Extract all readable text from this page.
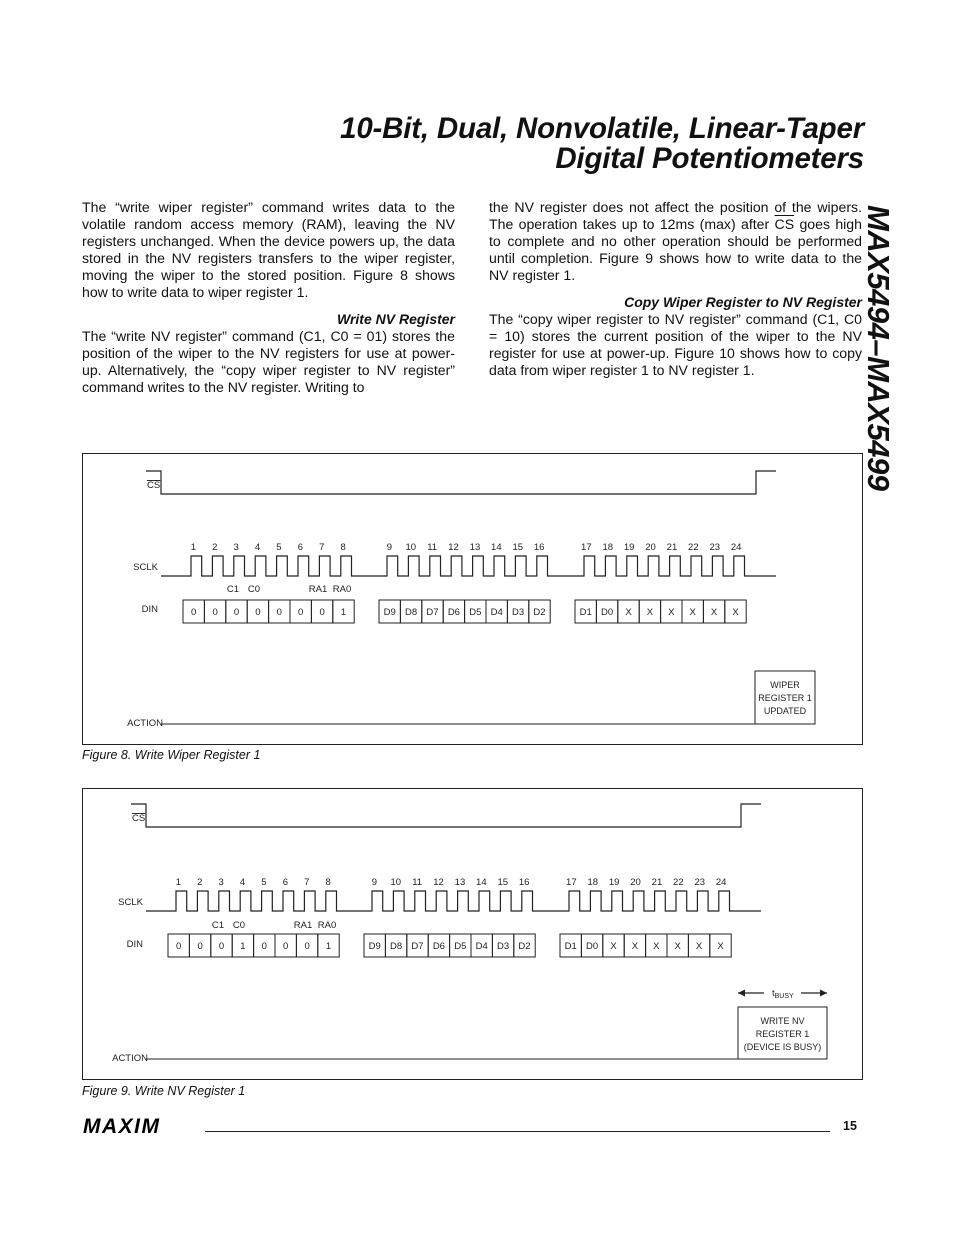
10-Bit, Dual, Nonvolatile, Linear-Taper
Digital Potentiometers
MAX5494–MAX5499

The “write wiper register” command writes data to the volatile random access memory (RAM), leaving the NV registers unchanged. When the device powers up, the data stored in the NV registers transfers to the wiper register, moving the wiper to the stored position. Figure 8 shows how to write data to wiper register 1.

Write NV Register

The “write NV register” command (C1, C0 = 01) stores the position of the wiper to the NV registers for use at power-up. Alternatively, the “copy wiper register to NV register” command writes to the NV register. Writing to

the NV register does not affect the position of the wipers. The operation takes up to 12ms (max) after $\overline{CS}$ goes high to complete and no other operation should be performed until completion. Figure 9 shows how to write data to the NV register 1.

Copy Wiper Register to NV Register

The “copy wiper register to NV register” command (C1, C0 = 10) stores the current position of the wiper to the NV register for use at power-up. Figure 10 shows how to copy data from wiper register 1 to NV register 1.

CS
SCLK
DIN
ACTION
1 2 3 4 5 6 7 8	9 10 11 12 13 14 15 16	17 18 19 20 21 22 23 24
C1 C0	RA1 RA0
0 0 0 0 0 0 0 1	D9 D8 D7 D6 D5 D4 D3 D2	D1 D0 X X X X X X
WIPER
REGISTER 1
UPDATED
Figure 8. Write Wiper Register 1
CS
SCLK
DIN
ACTION
1 2 3 4 5 6 7 8	9 10 11 12 13 14 15 16	17 18 19 20 21 22 23 24
C1 C0	RA1 RA0
0 0 0 1 0 0 0 1	D9 D8 D7 D6 D5 D4 D3 D2	D1 D0 X X X X X X
WRITE NV
REGISTER 1
(DEVICE IS BUSY)
$t_{BUSY}$
Figure 9. Write NV Register 1
MAXIM	15
